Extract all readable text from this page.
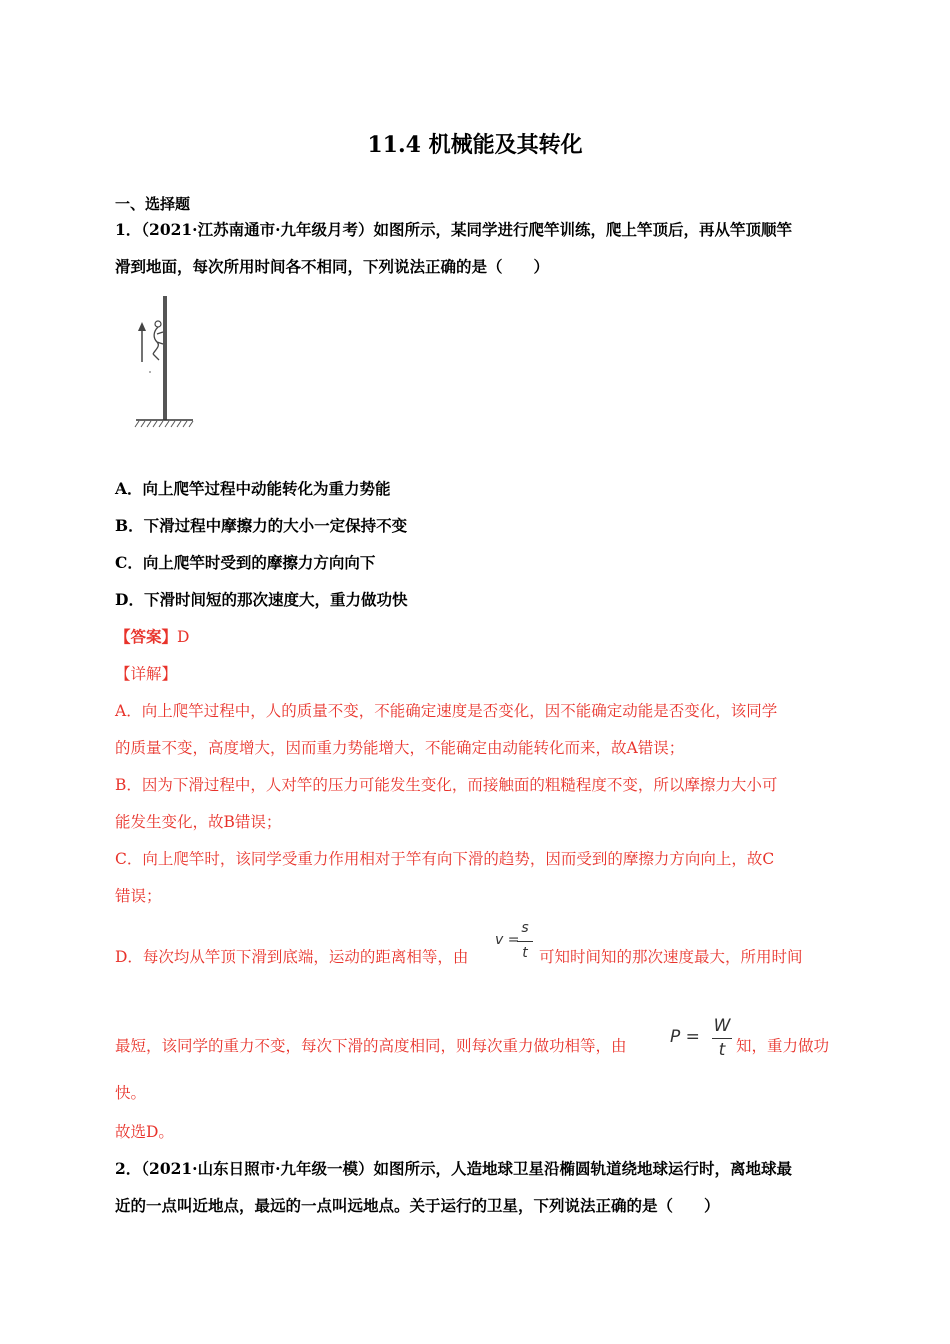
11.4 机械能及其转化
一、选择题
1．（2021·江苏南通市·九年级月考）如图所示，某同学进行爬竿训练，爬上竿顶后，再从竿顶顺竿
滑到地面，每次所用时间各不相同，下列说法正确的是（　　）
A．向上爬竿过程中动能转化为重力势能
B．下滑过程中摩擦力的大小一定保持不变
C．向上爬竿时受到的摩擦力方向向下
D．下滑时间短的那次速度大，重力做功快
【答案】D
【详解】
A．向上爬竿过程中，人的质量不变，不能确定速度是否变化，因不能确定动能是否变化，该同学
的质量不变，高度增大，因而重力势能增大，不能确定由动能转化而来，故A错误；
B．因为下滑过程中，人对竿的压力可能发生变化，而接触面的粗糙程度不变，所以摩擦力大小可
能发生变化，故B错误；
C．向上爬竿时，该同学受重力作用相对于竿有向下滑的趋势，因而受到的摩擦力方向向上，故C
错误；
D．每次均从竿顶下滑到底端，运动的距离相等，由
v =
s
t 可知时间知的那次速度最大，所用时间
最短，该同学的重力不变，每次下滑的高度相同，则每次重力做功相等，由	P =
W
t 知，重力做功
快。
故选D。
2．（2021·山东日照市·九年级一模）如图所示，人造地球卫星沿椭圆轨道绕地球运行时，离地球最
近的一点叫近地点，最远的一点叫远地点。关于运行的卫星，下列说法正确的是（　　）
